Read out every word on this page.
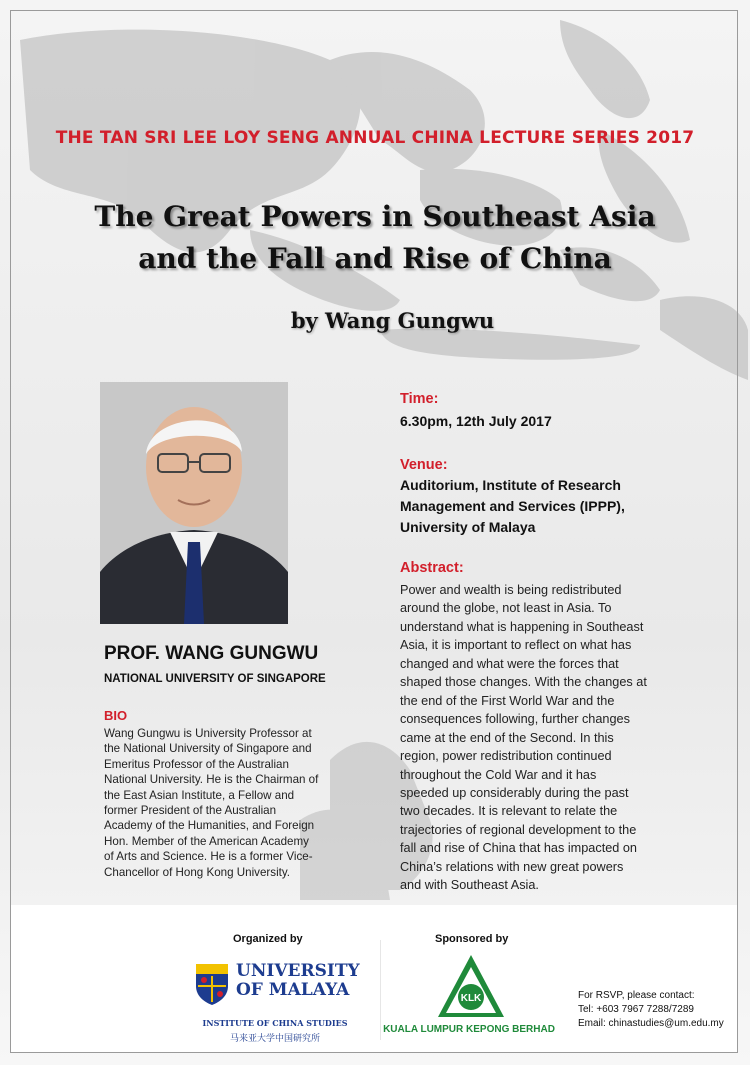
THE TAN SRI LEE LOY SENG ANNUAL CHINA LECTURE SERIES 2017
The Great Powers in Southeast Asia
and the Fall and Rise of China
by Wang Gungwu
PROF. WANG GUNGWU
NATIONAL UNIVERSITY OF SINGAPORE
BIO
Wang Gungwu is University Professor at
the National University of Singapore and
Emeritus Professor of the Australian
National University. He is the Chairman of
the East Asian Institute, a Fellow and
former President of the Australian
Academy of the Humanities, and Foreign
Hon. Member of the American Academy
of Arts and Science. He is a former Vice-
Chancellor of Hong Kong University.
Time:
6.30pm, 12th July 2017
Venue:
Auditorium, Institute of Research
Management and Services (IPPP),
University of Malaya
Abstract:
Power and wealth is being redistributed
around the globe, not least in Asia. To
understand what is happening in Southeast
Asia, it is important to reflect on what has
changed and what were the forces that
shaped those changes. With the changes at
the end of the First World War and the
consequences following, further changes
came at the end of the Second. In this
region, power redistribution continued
throughout the Cold War and it has
speeded up considerably during the past
two decades. It is relevant to relate the
trajectories of regional development to the
fall and rise of China that has impacted on
China’s relations with new great powers
and with Southeast Asia.
Organized by
UNIVERSITY
OF MALAYA
INSTITUTE OF CHINA STUDIES
马来亚大学中国研究所
Sponsored by
KLK
KUALA LUMPUR KEPONG BERHAD
For RSVP, please contact:
Tel: +603 7967 7288/7289
Email: chinastudies@um.edu.my
